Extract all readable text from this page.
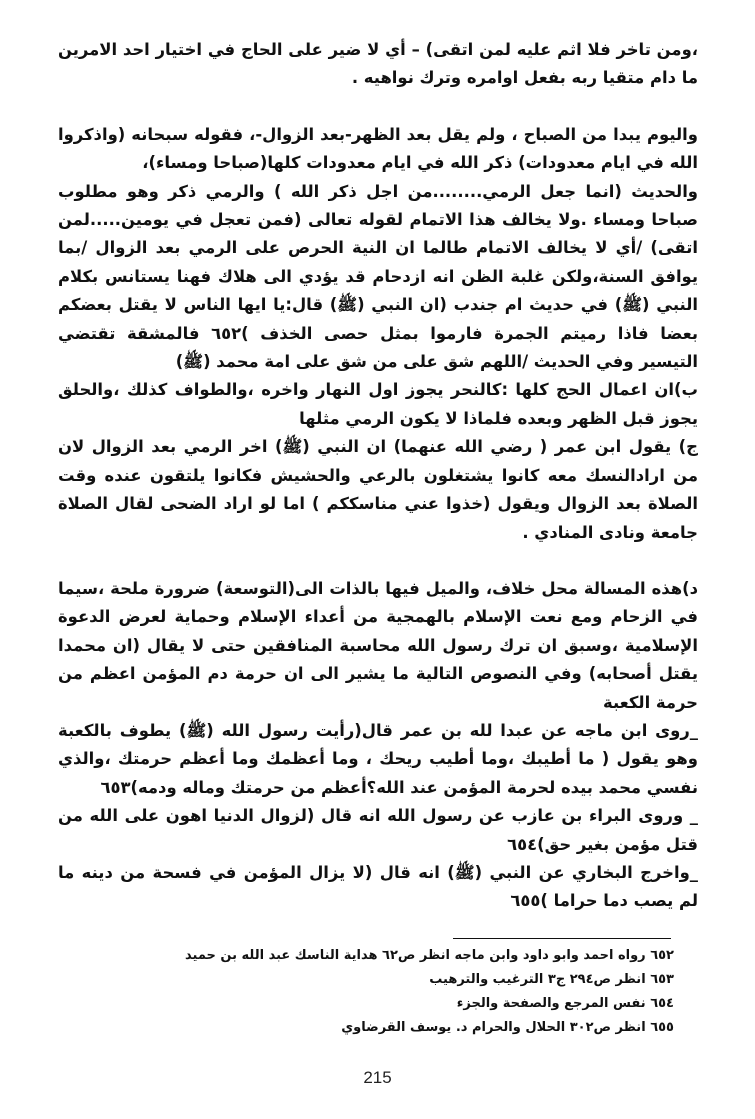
،ومن تاخر فلا اثم عليه لمن اتقى) – أي لا ضير على الحاج في اختيار احد الامرين ما دام متقيا ربه بفعل اوامره وترك نواهيه .

والیوم يبدا من الصباح ، ولم يقل بعد الظهر-بعد الزوال-، فقوله سبحانه (واذكروا الله في ايام معدودات) ذكر الله في ايام معدودات كلها(صباحا ومساء)،

والحديث (انما جعل الرمي........من اجل ذكر الله ) والرمي ذكر وهو مطلوب صباحا ومساء .ولا يخالف هذا الاتمام لقوله تعالى (فمن تعجل في يومين.....لمن اتقى) /أي لا يخالف الاتمام طالما ان النية الحرص على الرمي بعد الزوال /بما يوافق السنة،ولكن غلبة الظن انه ازدحام قد يؤدي الى هلاك فهنا يستانس بكلام النبي (ﷺ) في حديث ام جندب (ان النبي (ﷺ) قال:يا ايها الناس لا يقتل بعضكم بعضا فاذا رميتم الجمرة فارموا بمثل حصى الخذف )٦٥٢ فالمشقة تقتضي التيسير وفي الحديث /اللهم شق على من شق على امة محمد (ﷺ)

ب)ان اعمال الحج كلها :كالنحر يجوز اول النهار واخره ،والطواف كذلك ،والحلق يجوز قبل الظهر وبعده فلماذا لا يكون الرمي مثلها

ج) يقول ابن عمر ( رضي الله عنهما) ان النبي (ﷺ) اخر الرمي بعد الزوال لان من ارادالنسك معه كانوا يشتغلون بالرعي والحشيش فكانوا يلتقون عنده وقت الصلاة بعد الزوال ويقول (خذوا عني مناسككم ) اما لو اراد الضحى لقال الصلاة جامعة ونادى المنادي .

د)هذه المسالة محل خلاف، والميل فيها بالذات الى(التوسعة) ضرورة ملحة ،سيما في الزحام ومع نعت الإسلام بالهمجية من أعداء الإسلام وحماية لعرض الدعوة الإسلامية ،وسبق ان ترك رسول الله محاسبة المنافقين حتى لا يقال (ان محمدا يقتل أصحابه) وفي النصوص التالية ما يشير الى ان حرمة دم المؤمن اعظم من حرمة الكعبة

_روى ابن ماجه عن عبدا لله بن عمر قال(رأيت رسول الله (ﷺ) يطوف بالكعبة وهو يقول ( ما أطيبك ،وما أطيب ريحك ، وما أعظمك وما أعظم حرمتك ،والذي نفسي محمد بيده لحرمة المؤمن عند الله؟أعظم من حرمتك وماله ودمه)٦٥٣

_ وروى البراء بن عازب عن رسول الله انه قال (لزوال الدنيا اهون على الله من قتل مؤمن بغير حق)٦٥٤

_واخرج البخاري عن النبي (ﷺ) انه قال (لا يزال المؤمن في فسحة من دينه ما لم يصب دما حراما )٦٥٥

٦٥٢ رواه احمد وابو داود وابن ماجه انظر ص٦٢ هداية الناسك عبد الله بن حميد
٦٥٣ انظر ص٢٩٤ ج٣ الترغيب والترهيب
٦٥٤ نفس المرجع والصفحة والجزء
٦٥٥ انظر ص٣٠٢ الحلال والحرام د. يوسف القرضاوي
215
